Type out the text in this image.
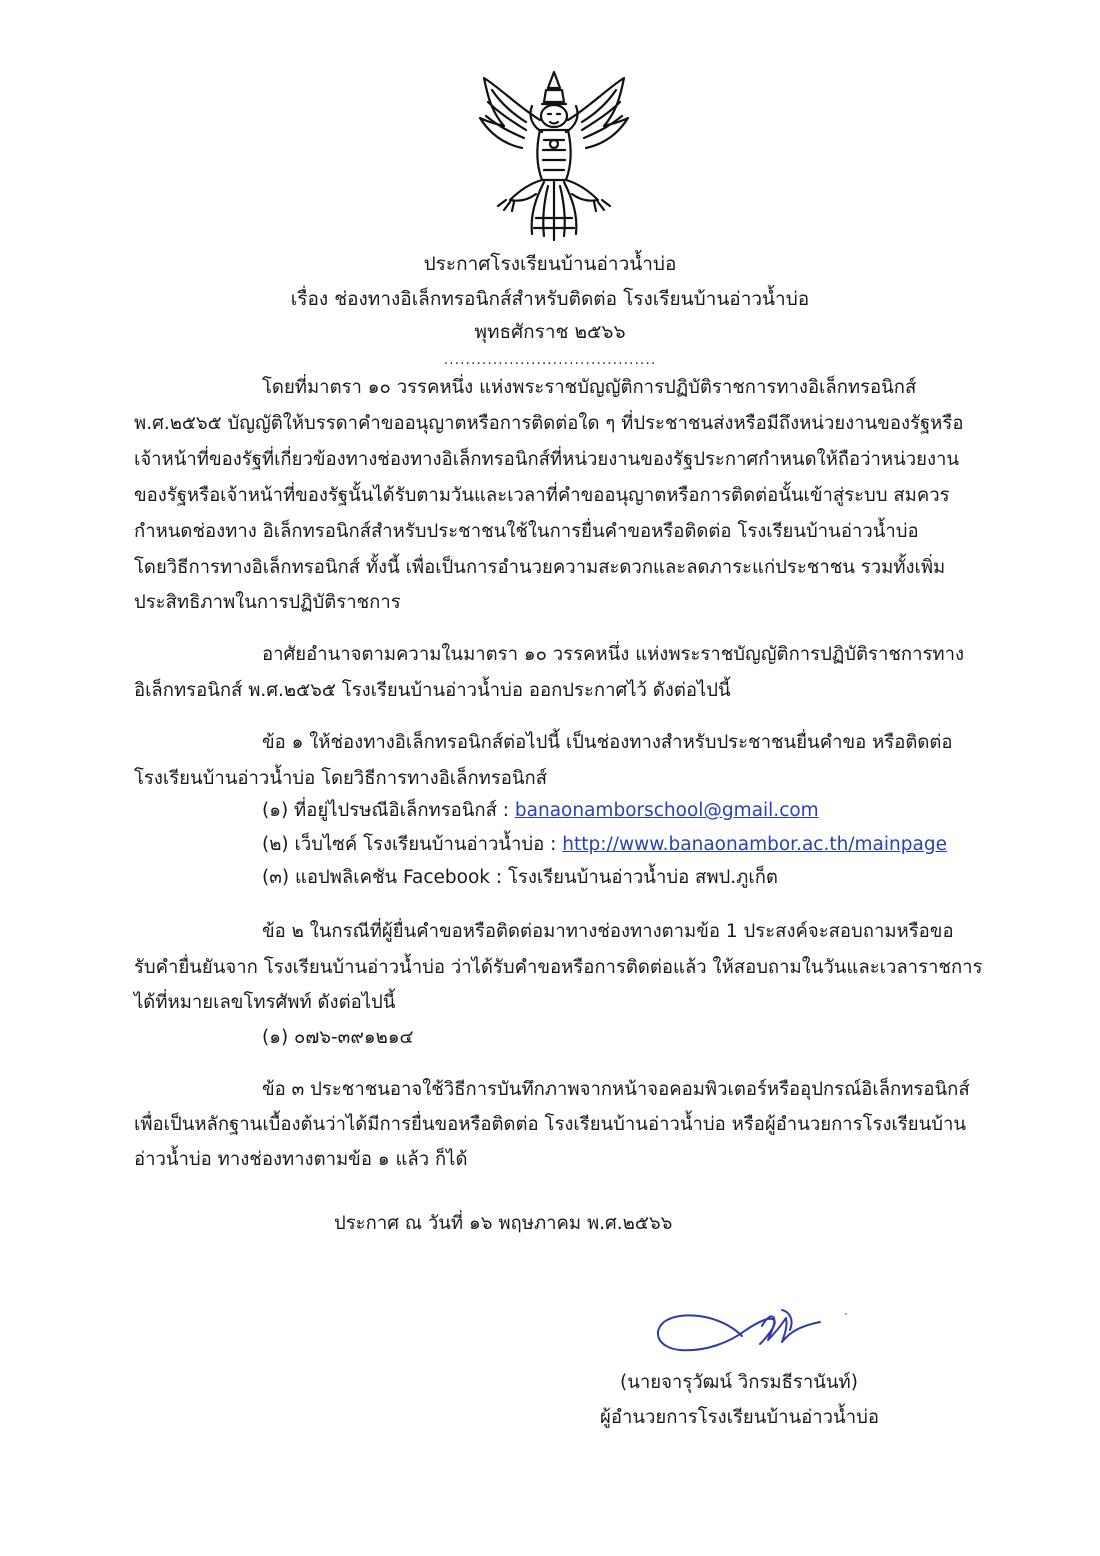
ประกาศโรงเรียนบ้านอ่าวน้ำบ่อ
เรื่อง ช่องทางอิเล็กทรอนิกส์สำหรับติดต่อ โรงเรียนบ้านอ่าวน้ำบ่อ
พุทธศักราช ๒๕๖๖
.......................................
โดยที่มาตรา ๑๐ วรรคหนึ่ง แห่งพระราชบัญญัติการปฏิบัติราชการทางอิเล็กทรอนิกส์
พ.ศ.๒๕๖๕ บัญญัติให้บรรดาคำขออนุญาตหรือการติดต่อใด ๆ ที่ประชาชนส่งหรือมีถึงหน่วยงานของรัฐหรือ
เจ้าหน้าที่ของรัฐที่เกี่ยวข้องทางช่องทางอิเล็กทรอนิกส์ที่หน่วยงานของรัฐประกาศกำหนดให้ถือว่าหน่วยงาน
ของรัฐหรือเจ้าหน้าที่ของรัฐนั้นได้รับตามวันและเวลาที่คำขออนุญาตหรือการติดต่อนั้นเข้าสู่ระบบ สมควร
กำหนดช่องทาง อิเล็กทรอนิกส์สำหรับประชาชนใช้ในการยื่นคำขอหรือติดต่อ โรงเรียนบ้านอ่าวน้ำบ่อ
โดยวิธีการทางอิเล็กทรอนิกส์ ทั้งนี้ เพื่อเป็นการอำนวยความสะดวกและลดภาระแก่ประชาชน รวมทั้งเพิ่ม
ประสิทธิภาพในการปฏิบัติราชการ
อาศัยอำนาจตามความในมาตรา ๑๐ วรรคหนึ่ง แห่งพระราชบัญญัติการปฏิบัติราชการทาง
อิเล็กทรอนิกส์ พ.ศ.๒๕๖๕ โรงเรียนบ้านอ่าวน้ำบ่อ ออกประกาศไว้ ดังต่อไปนี้
ข้อ ๑ ให้ช่องทางอิเล็กทรอนิกส์ต่อไปนี้ เป็นช่องทางสำหรับประชาชนยื่นคำขอ หรือติดต่อ
โรงเรียนบ้านอ่าวน้ำบ่อ โดยวิธีการทางอิเล็กทรอนิกส์
(๑) ที่อยู่ไปรษณีอิเล็กทรอนิกส์ : banaonamborschool@gmail.com
(๒) เว็บไซค์ โรงเรียนบ้านอ่าวน้ำบ่อ : http://www.banaonambor.ac.th/mainpage
(๓) แอปพลิเคชัน Facebook : โรงเรียนบ้านอ่าวน้ำบ่อ สพป.ภูเก็ต
ข้อ ๒ ในกรณีที่ผู้ยื่นคำขอหรือติดต่อมาทางช่องทางตามข้อ 1 ประสงค์จะสอบถามหรือขอ
รับคำยื่นยันจาก โรงเรียนบ้านอ่าวน้ำบ่อ ว่าได้รับคำขอหรือการติดต่อแล้ว ให้สอบถามในวันและเวลาราชการ
ได้ที่หมายเลขโทรศัพท์ ดังต่อไปนี้
(๑) ๐๗๖-๓๙๑๒๑๔
ข้อ ๓ ประชาชนอาจใช้วิธีการบันทึกภาพจากหน้าจอคอมพิวเตอร์หรืออุปกรณ์อิเล็กทรอนิกส์
เพื่อเป็นหลักฐานเบื้องต้นว่าได้มีการยื่นขอหรือติดต่อ โรงเรียนบ้านอ่าวน้ำบ่อ หรือผู้อำนวยการโรงเรียนบ้าน
อ่าวน้ำบ่อ ทางช่องทางตามข้อ ๑ แล้ว ก็ได้
ประกาศ ณ วันที่ ๑๖ พฤษภาคม พ.ศ.๒๕๖๖
(นายจารุวัฒน์ วิกรมธีรานันท์)
ผู้อำนวยการโรงเรียนบ้านอ่าวน้ำบ่อ
